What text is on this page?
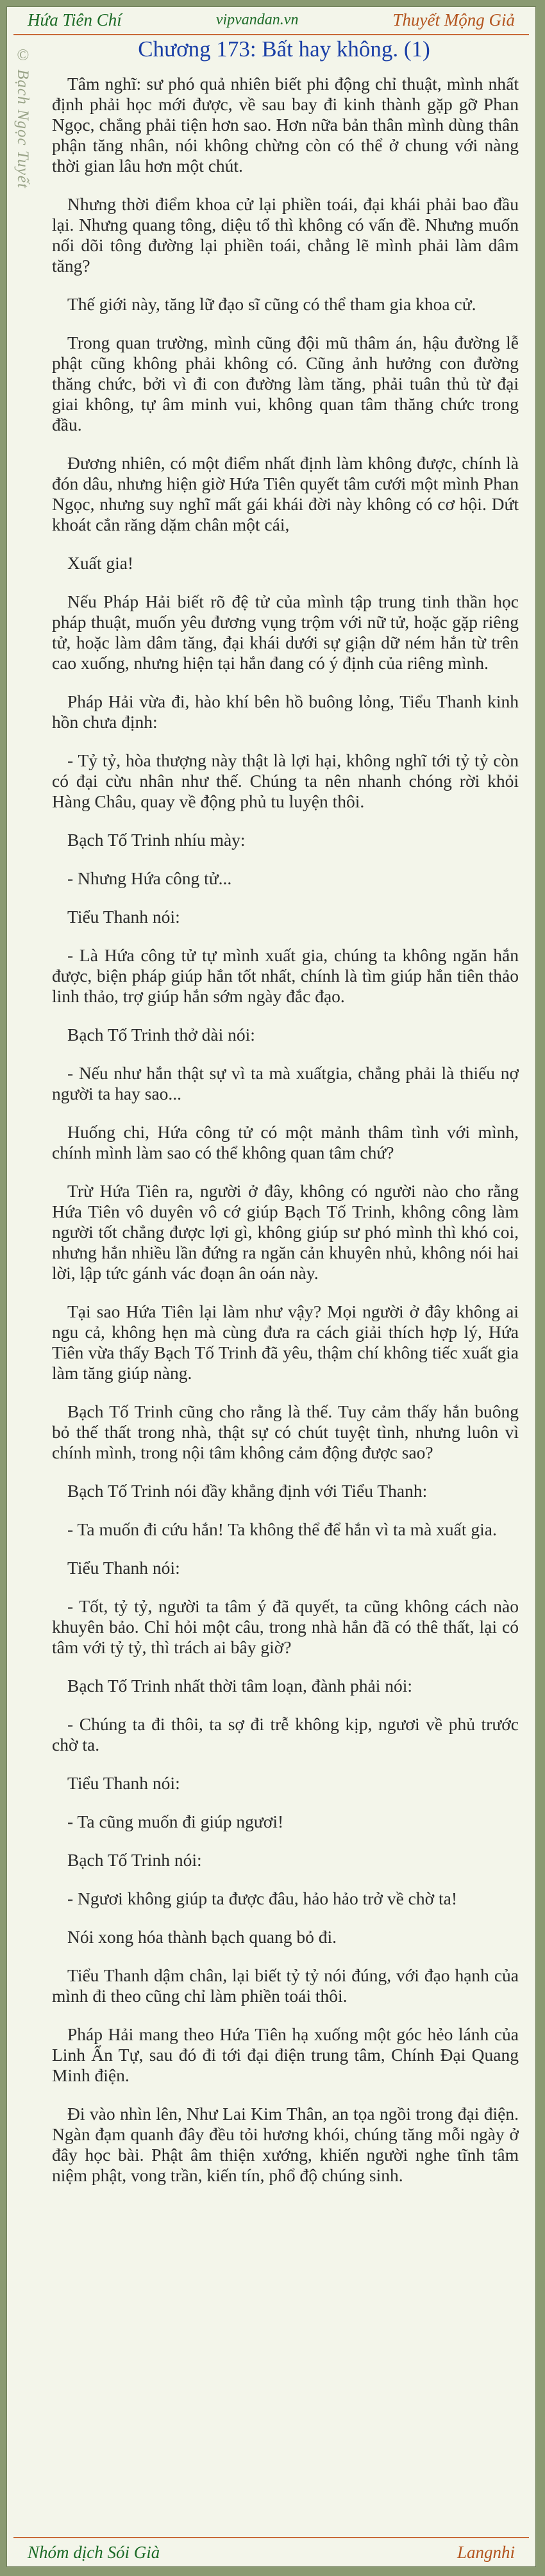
Hứa Tiên Chí	vipvandan.vn	Thuyết Mộng Giả
© Bạch Ngọc Tuyết	Chương 173: Bất hay không. (1)

Tâm nghĩ: sư phó quả nhiên biết phi động chỉ thuật, mình nhất định phải học mới được, về sau bay đi kinh thành gặp gỡ Phan Ngọc, chẳng phải tiện hơn sao. Hơn nữa bản thân mình dùng thân phận tăng nhân, nói không chừng còn có thể ở chung với nàng thời gian lâu hơn một chút.

Nhưng thời điểm khoa cử lại phiền toái, đại khái phải bao đầu lại. Nhưng quang tông, diệu tổ thì không có vấn đề. Nhưng muốn nối dõi tông đường lại phiền toái, chẳng lẽ mình phải làm dâm tăng?

Thế giới này, tăng lữ đạo sĩ cũng có thể tham gia khoa cử.

Trong quan trường, mình cũng đội mũ thâm án, hậu đường lễ phật cũng không phải không có. Cũng ảnh hưởng con đường thăng chức, bởi vì đi con đường làm tăng, phải tuân thủ từ đại giai không, tự âm minh vui, không quan tâm thăng chức trong đầu.

Đương nhiên, có một điểm nhất định làm không được, chính là đón dâu, nhưng hiện giờ Hứa Tiên quyết tâm cưới một mình Phan Ngọc, nhưng suy nghĩ mất gái khái đời này không có cơ hội. Dứt khoát cắn răng dặm chân một cái,

Xuất gia!

Nếu Pháp Hải biết rõ đệ tử của mình tập trung tinh thần học pháp thuật, muốn yêu đương vụng trộm với nữ tử, hoặc gặp riêng tử, hoặc làm dâm tăng, đại khái dưới sự giận dữ ném hắn từ trên cao xuống, nhưng hiện tại hắn đang có ý định của riêng mình.

Pháp Hải vừa đi, hào khí bên hồ buông lỏng, Tiểu Thanh kinh hồn chưa định:

- Tỷ tỷ, hòa thượng này thật là lợi hại, không nghĩ tới tỷ tỷ còn có đại cừu nhân như thế. Chúng ta nên nhanh chóng rời khỏi Hàng Châu, quay về động phủ tu luyện thôi.

Bạch Tố Trinh nhíu mày:

- Nhưng Hứa công tử...

Tiểu Thanh nói:

- Là Hứa công tử tự mình xuất gia, chúng ta không ngăn hắn được, biện pháp giúp hắn tốt nhất, chính là tìm giúp hắn tiên thảo linh thảo, trợ giúp hắn sớm ngày đắc đạo.

Bạch Tố Trinh thở dài nói:

- Nếu như hắn thật sự vì ta mà xuấtgia, chẳng phải là thiếu nợ người ta hay sao...

Huống chi, Hứa công tử có một mảnh thâm tình với mình, chính mình làm sao có thể không quan tâm chứ?

Trừ Hứa Tiên ra, người ở đây, không có người nào cho rằng Hứa Tiên vô duyên vô cớ giúp Bạch Tố Trinh, không công làm người tốt chẳng được lợi gì, không giúp sư phó mình thì khó coi, nhưng hắn nhiều lần đứng ra ngăn cản khuyên nhủ, không nói hai lời, lập tức gánh vác đoạn ân oán này.

Tại sao Hứa Tiên lại làm như vậy? Mọi người ở đây không ai ngu cả, không hẹn mà cùng đưa ra cách giải thích hợp lý, Hứa Tiên vừa thấy Bạch Tố Trinh đã yêu, thậm chí không tiếc xuất gia làm tăng giúp nàng.

Bạch Tố Trinh cũng cho rằng là thế. Tuy cảm thấy hắn buông bỏ thế thất trong nhà, thật sự có chút tuyệt tình, nhưng luôn vì chính mình, trong nội tâm không cảm động được sao?

Bạch Tố Trinh nói đầy khẳng định với Tiểu Thanh:

- Ta muốn đi cứu hắn! Ta không thể để hắn vì ta mà xuất gia.

Tiểu Thanh nói:

- Tốt, tỷ tỷ, người ta tâm ý đã quyết, ta cũng không cách nào khuyên bảo. Chỉ hỏi một câu, trong nhà hắn đã có thê thất, lại có tâm với tỷ tỷ, thì trách ai bây giờ?

Bạch Tố Trinh nhất thời tâm loạn, đành phải nói:

- Chúng ta đi thôi, ta sợ đi trễ không kịp, ngươi về phủ trước chờ ta.

Tiểu Thanh nói:

- Ta cũng muốn đi giúp ngươi!

Bạch Tố Trinh nói:

- Ngươi không giúp ta được đâu, hảo hảo trở về chờ ta!

Nói xong hóa thành bạch quang bỏ đi.

Tiểu Thanh dậm chân, lại biết tỷ tỷ nói đúng, với đạo hạnh của mình đi theo cũng chỉ làm phiền toái thôi.

Pháp Hải mang theo Hứa Tiên hạ xuống một góc hẻo lánh của Linh Ẩn Tự, sau đó đi tới đại điện trung tâm, Chính Đại Quang Minh điện.

Đi vào nhìn lên, Như Lai Kim Thân, an tọa ngồi trong đại điện. Ngàn đạm quanh đây đều tỏi hương khói, chúng tăng mỗi ngày ở đây học bài. Phật âm thiện xướng, khiến người nghe tĩnh tâm niệm phật, vong trần, kiến tín, phổ độ chúng sinh.

Nhóm dịch Sói Già	Langnhi
